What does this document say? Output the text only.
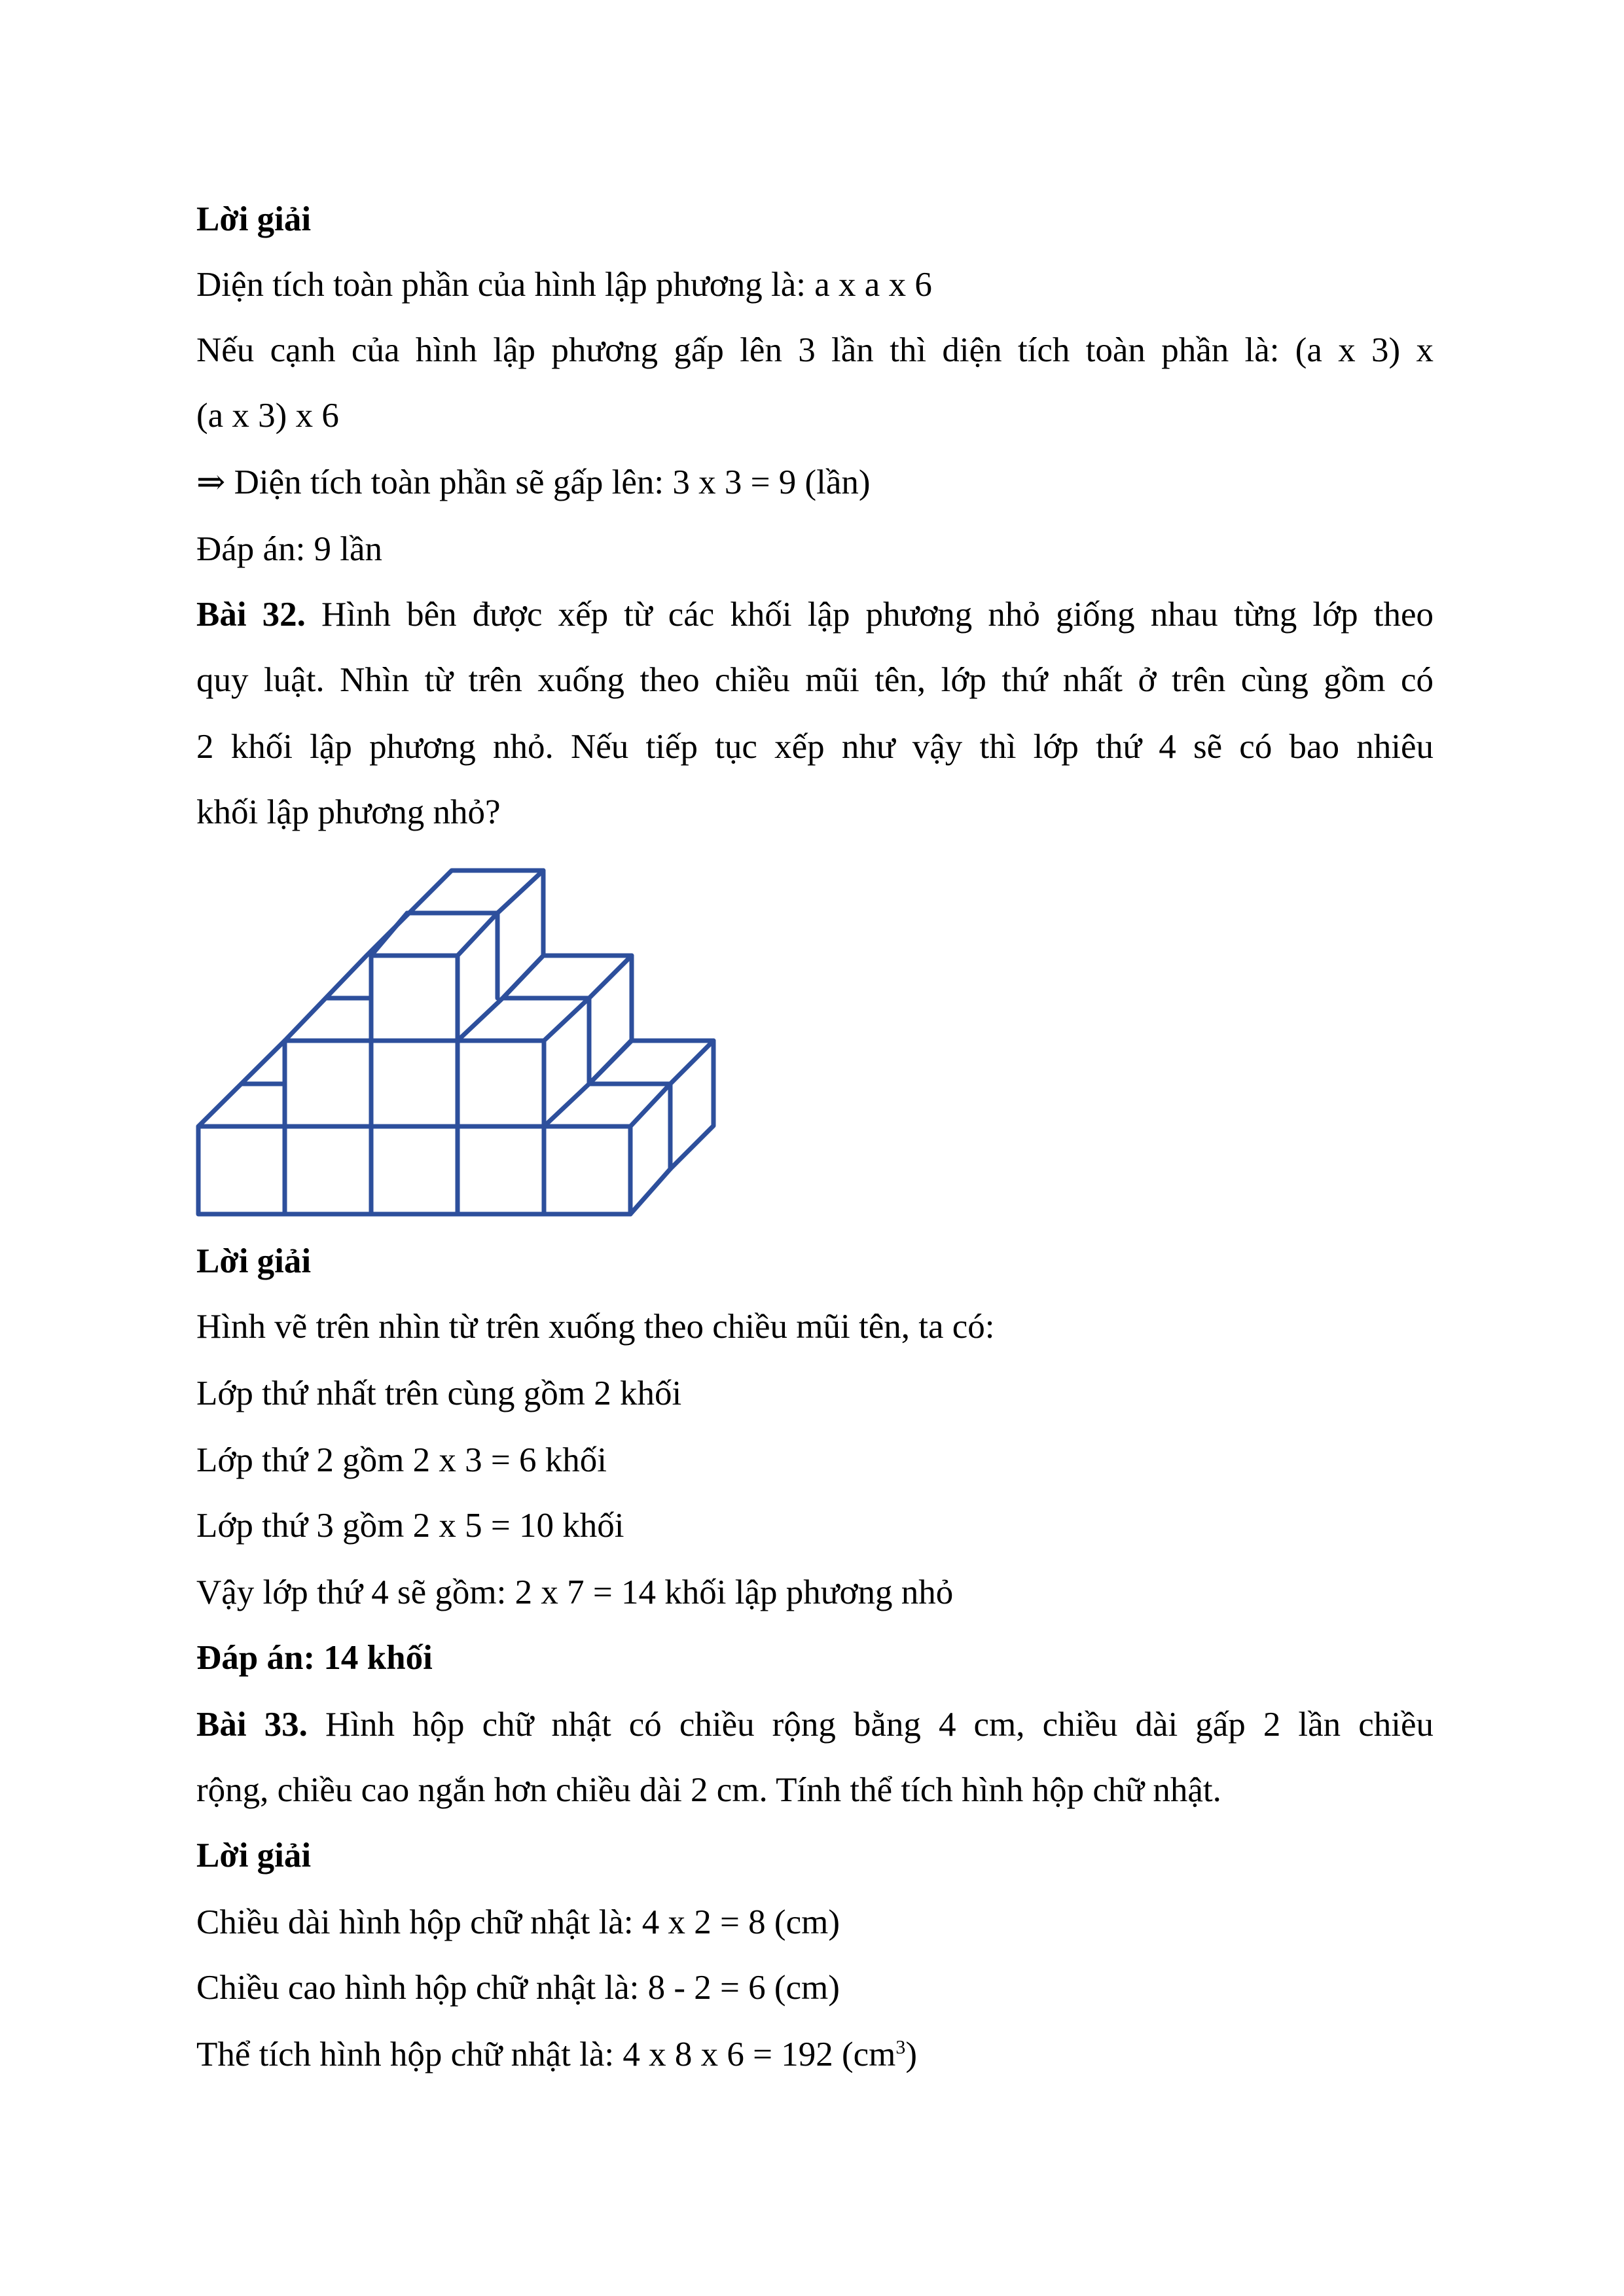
Lời giải
Diện tích toàn phần của hình lập phương là: a x a x 6
Nếu cạnh của hình lập phương gấp lên 3 lần thì diện tích toàn phần là: (a x 3) x
(a x 3) x 6
⇒ Diện tích toàn phần sẽ gấp lên: 3 x 3 = 9 (lần)
Đáp án: 9 lần
Bài 32. Hình bên được xếp từ các khối lập phương nhỏ giống nhau từng lớp theo
quy luật. Nhìn từ trên xuống theo chiều mũi tên, lớp thứ nhất ở trên cùng gồm có
2 khối lập phương nhỏ. Nếu tiếp tục xếp như vậy thì lớp thứ 4 sẽ có bao nhiêu
khối lập phương nhỏ?
Lời giải
Hình vẽ trên nhìn từ trên xuống theo chiều mũi tên, ta có:
Lớp thứ nhất trên cùng gồm 2 khối
Lớp thứ 2 gồm 2 x 3 = 6 khối
Lớp thứ 3 gồm 2 x 5 = 10 khối
Vậy lớp thứ 4 sẽ gồm: 2 x 7 = 14 khối lập phương nhỏ
Đáp án: 14 khối
Bài 33. Hình hộp chữ nhật có chiều rộng bằng 4 cm, chiều dài gấp 2 lần chiều
rộng, chiều cao ngắn hơn chiều dài 2 cm. Tính thể tích hình hộp chữ nhật.
Lời giải
Chiều dài hình hộp chữ nhật là: 4 x 2 = 8 (cm)
Chiều cao hình hộp chữ nhật là: 8 - 2 = 6 (cm)
Thể tích hình hộp chữ nhật là: 4 x 8 x 6 = 192 $(cm^3)$
